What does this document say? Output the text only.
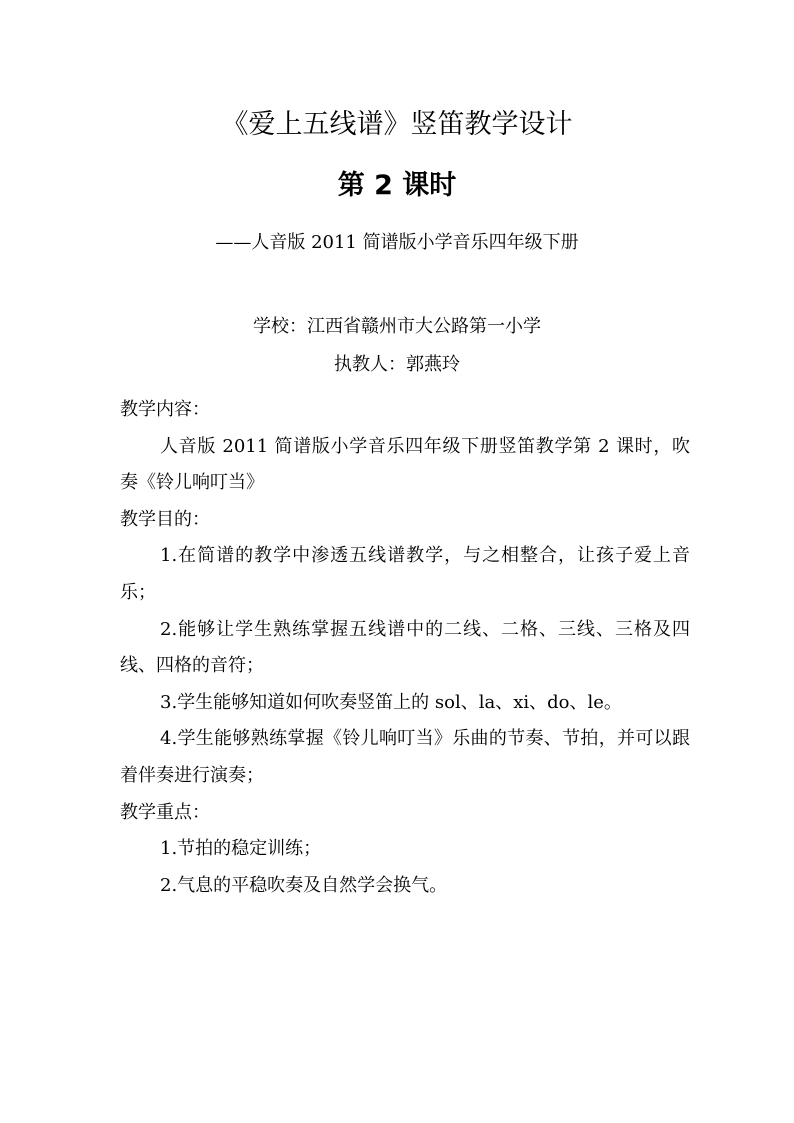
《爱上五线谱》竖笛教学设计
第 2 课时

——人音版 2011 简谱版小学音乐四年级下册

学校：江西省赣州市大公路第一小学

执教人：郭燕玲

教学内容：

人音版 2011 简谱版小学音乐四年级下册竖笛教学第 2 课时，吹奏《铃儿响叮当》

教学目的：

1.在简谱的教学中渗透五线谱教学，与之相整合，让孩子爱上音乐；

2.能够让学生熟练掌握五线谱中的二线、二格、三线、三格及四线、四格的音符；

3.学生能够知道如何吹奏竖笛上的 sol、la、xi、do、le。

4.学生能够熟练掌握《铃儿响叮当》乐曲的节奏、节拍，并可以跟着伴奏进行演奏；

教学重点：

1.节拍的稳定训练；

2.气息的平稳吹奏及自然学会换气。
